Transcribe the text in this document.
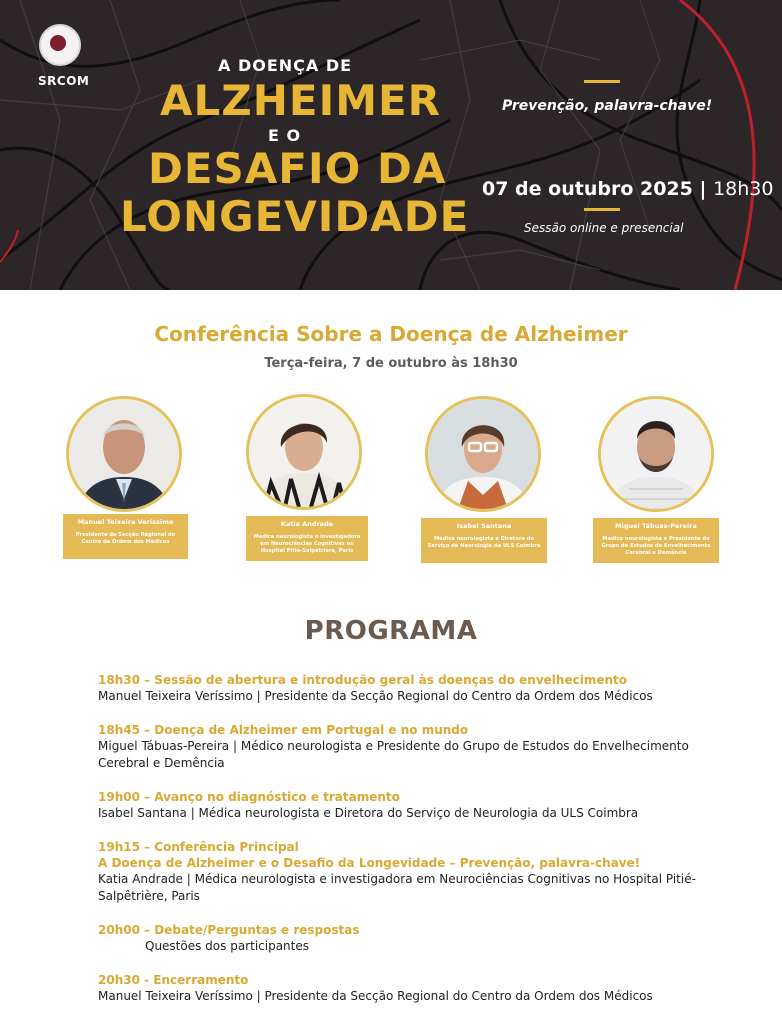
SRCOM
A DOENÇA DE
ALZHEIMER
E O
DESAFIO DA
LONGEVIDADE
Prevenção, palavra-chave!
07 de outubro 2025 | 18h30
Sessão online e presencial
Conferência Sobre a Doença de Alzheimer
Terça-feira, 7 de outubro às 18h30
Manuel Teixeira Veríssimo
Presidente da Secção Regional do Centro da Ordem dos Médicos
Katia Andrade
Médica neurologista e investigadora em Neurociências Cognitivas no Hospital Pitié-Salpêtrière, Paris
Isabel Santana
Médica neurologista e Diretora do Serviço de Neurologia da ULS Coimbra
Miguel Tábuas-Pereira
Médico neurologista e Presidente do Grupo de Estudos do Envelhecimento Cerebral e Demência
PROGRAMA
18h30 – Sessão de abertura e introdução geral às doenças do envelhecimento
Manuel Teixeira Veríssimo | Presidente da Secção Regional do Centro da Ordem dos Médicos
18h45 – Doença de Alzheimer em Portugal e no mundo
Miguel Tábuas-Pereira | Médico neurologista e Presidente do Grupo de Estudos do Envelhecimento Cerebral e Demência
19h00 – Avanço no diagnóstico e tratamento
Isabel Santana | Médica neurologista e Diretora do Serviço de Neurologia da ULS Coimbra
19h15 – Conferência Principal
A Doença de Alzheimer e o Desafio da Longevidade – Prevenção, palavra-chave!
Katia Andrade | Médica neurologista e investigadora em Neurociências Cognitivas no Hospital Pitié-Salpêtrière, Paris
20h00 – Debate/Perguntas e respostas
Questões dos participantes
20h30 - Encerramento
Manuel Teixeira Veríssimo | Presidente da Secção Regional do Centro da Ordem dos Médicos
